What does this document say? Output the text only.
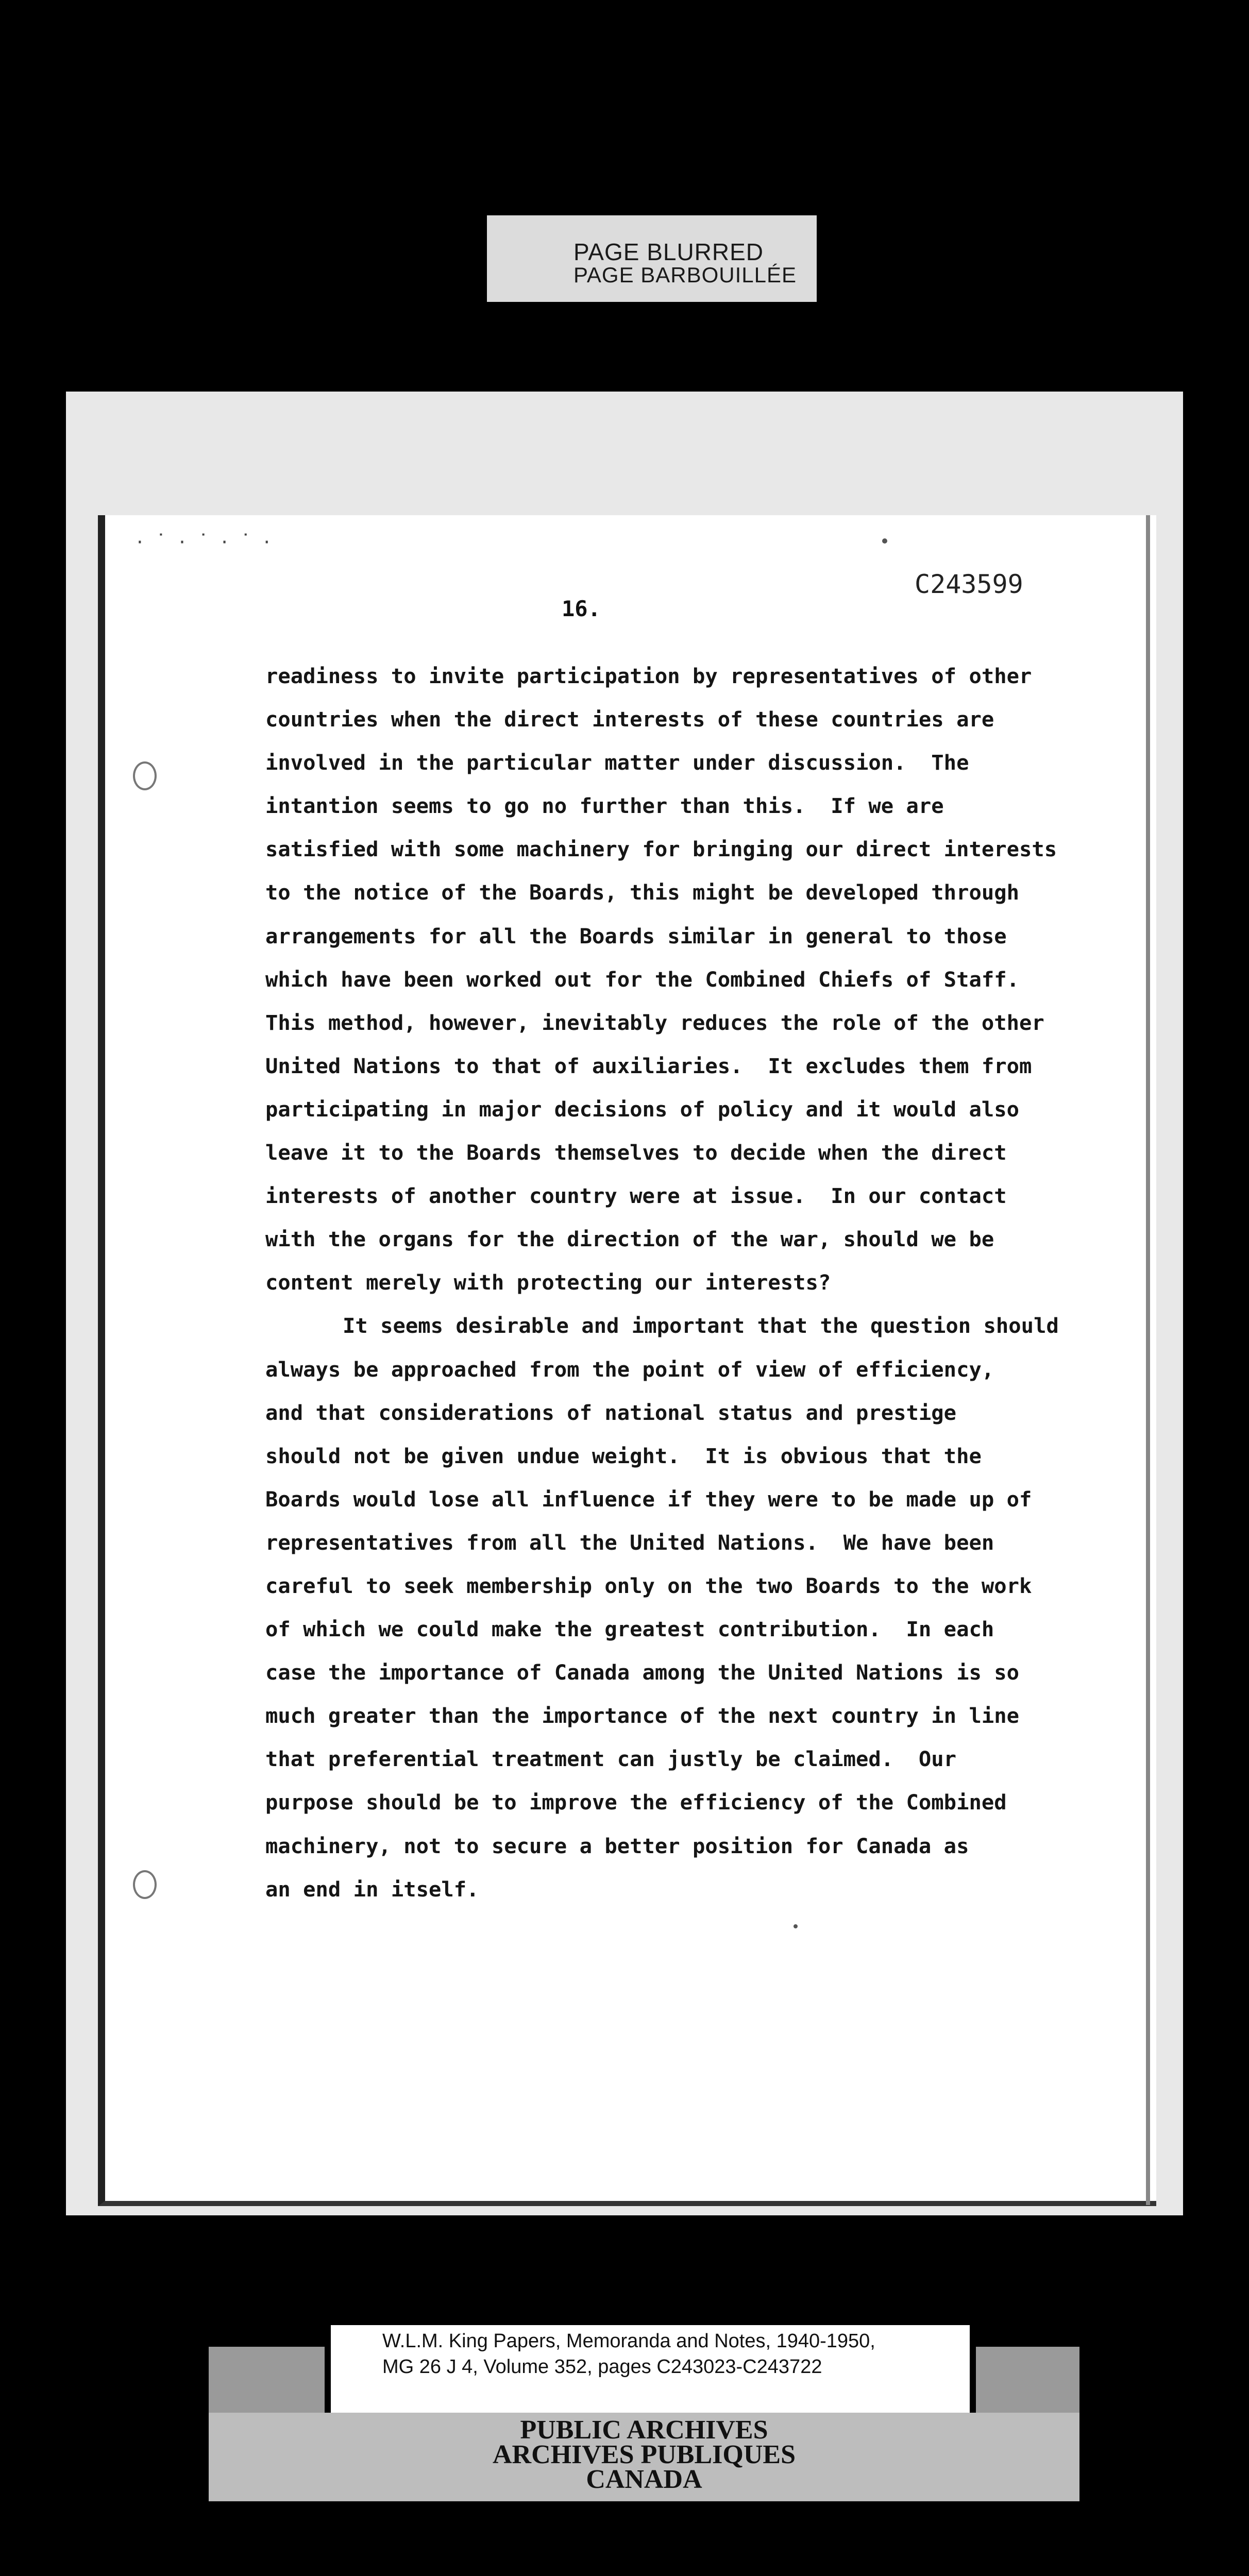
PAGE BLURRED
PAGE BARBOUILLÉE
· ˙ · ˙ · ˙ ·
C243599
16.
readiness to invite participation by representatives of other
countries when the direct interests of these countries are
involved in the particular matter under discussion.  The
intantion seems to go no further than this.  If we are
satisfied with some machinery for bringing our direct interests
to the notice of the Boards, this might be developed through
arrangements for all the Boards similar in general to those
which have been worked out for the Combined Chiefs of Staff.
This method, however, inevitably reduces the role of the other
United Nations to that of auxiliaries.  It excludes them from
participating in major decisions of policy and it would also
leave it to the Boards themselves to decide when the direct
interests of another country were at issue.  In our contact
with the organs for the direction of the war, should we be
content merely with protecting our interests?
It seems desirable and important that the question should
always be approached from the point of view of efficiency,
and that considerations of national status and prestige
should not be given undue weight.  It is obvious that the
Boards would lose all influence if they were to be made up of
representatives from all the United Nations.  We have been
careful to seek membership only on the two Boards to the work
of which we could make the greatest contribution.  In each
case the importance of Canada among the United Nations is so
much greater than the importance of the next country in line
that preferential treatment can justly be claimed.  Our
purpose should be to improve the efficiency of the Combined
machinery, not to secure a better position for Canada as
an end in itself.
W.L.M. King Papers, Memoranda and Notes, 1940-1950,
MG 26 J 4, Volume 352, pages C243023-C243722
PUBLIC ARCHIVES
ARCHIVES PUBLIQUES
CANADA
